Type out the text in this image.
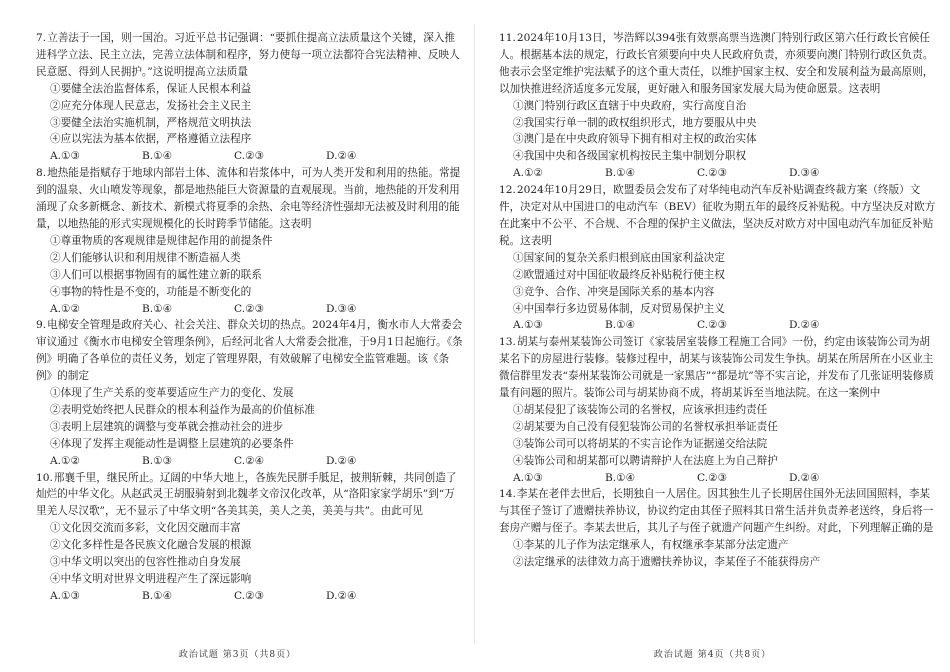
7.立善法于一国，则一国治。习近平总书记强调：“要抓住提高立法质量这个关键，深入推进科学立法、民主立法，完善立法体制和程序，努力使每一项立法都符合宪法精神、反映人民意愿、得到人民拥护。”这说明提高立法质量
①要健全法治监督体系，保证人民根本利益
②应充分体现人民意志，发扬社会主义民主
③要健全法治实施机制，严格规范文明执法
④应以宪法为基本依据，严格遵循立法程序
A.①③	B.①④	C.②③	D.②④
8.地热能是指赋存于地球内部岩土体、流体和岩浆体中，可为人类开发和利用的热能。常提到的温泉、火山喷发等现象，都是地热能巨大资源量的直观展现。当前，地热能的开发利用涌现了众多新概念、新技术、新模式将夏季的余热、余电等经济性强却无法被及时利用的能量，以地热能的形式实现规模化的长时跨季节储能。这表明
①尊重物质的客观规律是规律起作用的前提条件
②人们能够认识和利用规律不断造福人类
③人们可以根据事物固有的属性建立新的联系
④事物的特性是不变的，功能是不断变化的
A.①②	B.①④	C.②③	D.③④
9.电梯安全管理是政府关心、社会关注、群众关切的热点。2024年4月，衡水市人大常委会审议通过《衡水市电梯安全管理条例》，后经河北省人大常委会批准，于9月1日起施行。《条例》明确了各单位的责任义务，划定了管理界限，有效破解了电梯安全监管难题。该《条例》的制定
①体现了生产关系的变革要适应生产力的变化、发展
②表明党始终把人民群众的根本利益作为最高的价值标准
③表明上层建筑的调整与变革就会推动社会的进步
④体现了发挥主观能动性是调整上层建筑的必要条件
A.①②	B.①③	C.②④	D.②④
10.邢襄千里，继民所止。辽阔的中华大地上，各族先民胼手胝足，披荆斩棘，共同创造了灿烂的中华文化。从赵武灵王胡服骑射到北魏孝文帝汉化改革，从“洛阳家家学胡乐”到“万里羌人尽汉歌”，无不显示了中华文明“各美其美，美人之美，美美与共”。由此可见
①文化因交流而多彩，文化因交融而丰富
②文化多样性是各民族文化融合发展的根源
③中华文明以突出的包容性推动自身发展
④中华文明对世界文明进程产生了深远影响
A.①③	B.①④	C.②③	D.②④
政治试题 第3页（共8页）
11.2024年10月13日，岑浩辉以394张有效票高票当选澳门特别行政区第六任行政长官候任人。根据基本法的规定，行政长官须要向中央人民政府负责，亦须要向澳门特别行政区负责。他表示会坚定维护宪法赋予的这个重大责任，以维护国家主权、安全和发展利益为最高原则，以加快推进经济适度多元发展，更好融入和服务国家发展大局为使命愿景。这表明
①澳门特别行政区直辖于中央政府，实行高度自治
②我国实行单一制的政权组织形式，地方要服从中央
③澳门是在中央政府领导下拥有相对主权的政治实体
④我国中央和各级国家机构按民主集中制划分职权
A.①②	B.①④	C.②③	D.③④
12.2024年10月29日，欧盟委员会发布了对华纯电动汽车反补贴调查终裁方案（终版）文件，决定对从中国进口的电动汽车（BEV）征收为期五年的最终反补贴税。中方坚决反对欧方在此案中不公平、不合规、不合理的保护主义做法，坚决反对欧方对中国电动汽车加征反补贴税。这表明
①国家间的复杂关系归根到底由国家利益决定
②欧盟通过对中国征收最终反补贴税行使主权
③竞争、合作、冲突是国际关系的基本内容
④中国奉行多边贸易体制，反对贸易保护主义
A.①③	B.①④	C.②③	D.②④
13.胡某与泰州某装饰公司签订《家装居室装修工程施工合同》一份，约定由该装饰公司为胡某名下的房屋进行装修。装修过程中，胡某与该装饰公司发生争执。胡某在所居所在小区业主微信群里发表“泰州某装饰公司就是一家黑店”“都是坑”等不实言论，并发布了几张证明装修质量有问题的照片。装饰公司与胡某协商不成，将胡某诉至当地法院。在这一案例中
①胡某侵犯了该装饰公司的名誉权，应该承担违约责任
②胡某要为自己没有侵犯装饰公司的名誉权承担举证责任
③装饰公司可以将胡某的不实言论作为证据递交给法院
④装饰公司和胡某都可以聘请辩护人在法庭上为自己辩护
A.①③	B.①④	C.②③	D.②④
14.李某在老伴去世后，长期独自一人居住。因其独生儿子长期居住国外无法回国照料，李某与其侄子签订了遗赠扶养协议，协议约定由其侄子照料其日常生活并负责养老送终，身后将一套房产赠与侄子。李某去世后，其儿子与侄子就遗产问题产生纠纷。对此，下列理解正确的是
①李某的儿子作为法定继承人，有权继承李某部分法定遗产
②法定继承的法律效力高于遗赠扶养协议，李某侄子不能获得房产
政治试题 第4页（共8页）
